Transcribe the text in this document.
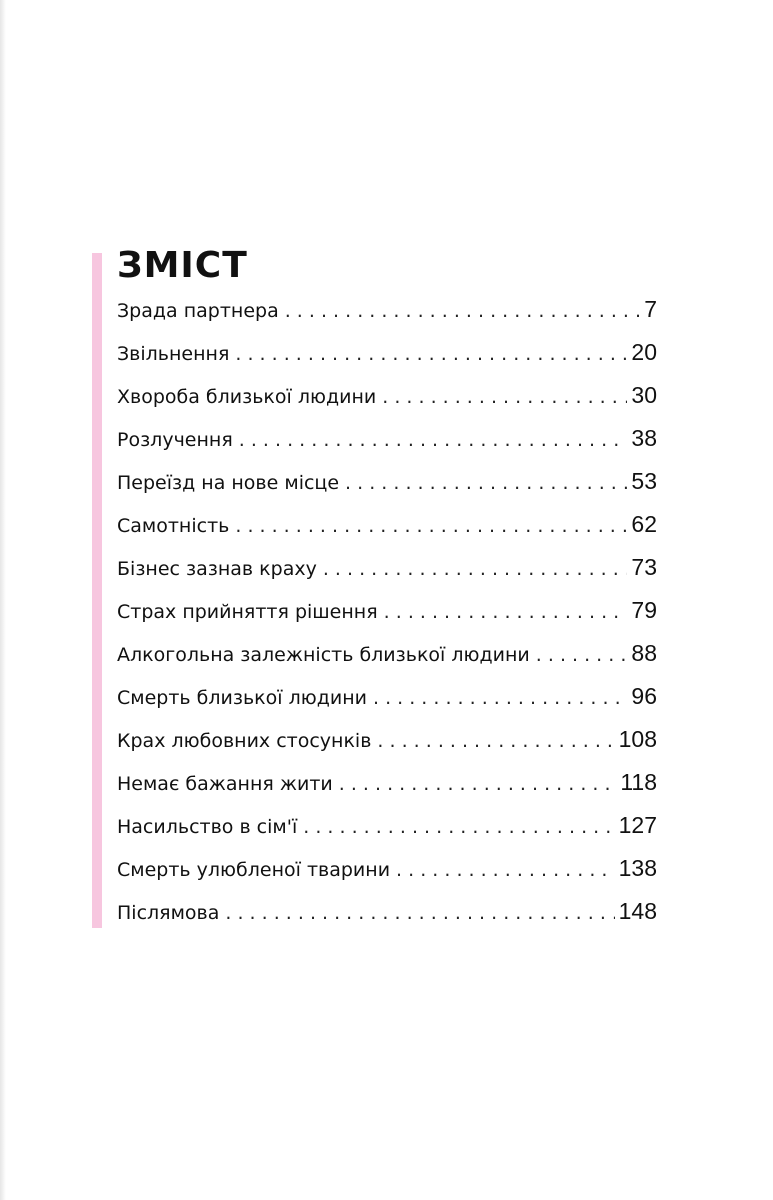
ЗМІСТ
Зрада партнера . . .	7
Звільнення . . .	20
Хвороба близької людини . . .	30
Розлучення . . .	38
Переїзд на нове місце . . .	53
Самотність . . .	62
Бізнес зазнав краху . . .	73
Страх прийняття рішення . . .	79
Алкогольна залежність близької людини . . .	88
Смерть близької людини . . .	96
Крах любовних стосунків . . .	108
Немає бажання жити . . .	118
Насильство в сім'ї . . .	127
Смерть улюбленої тварини . . .	138
Післямова . . .	148
